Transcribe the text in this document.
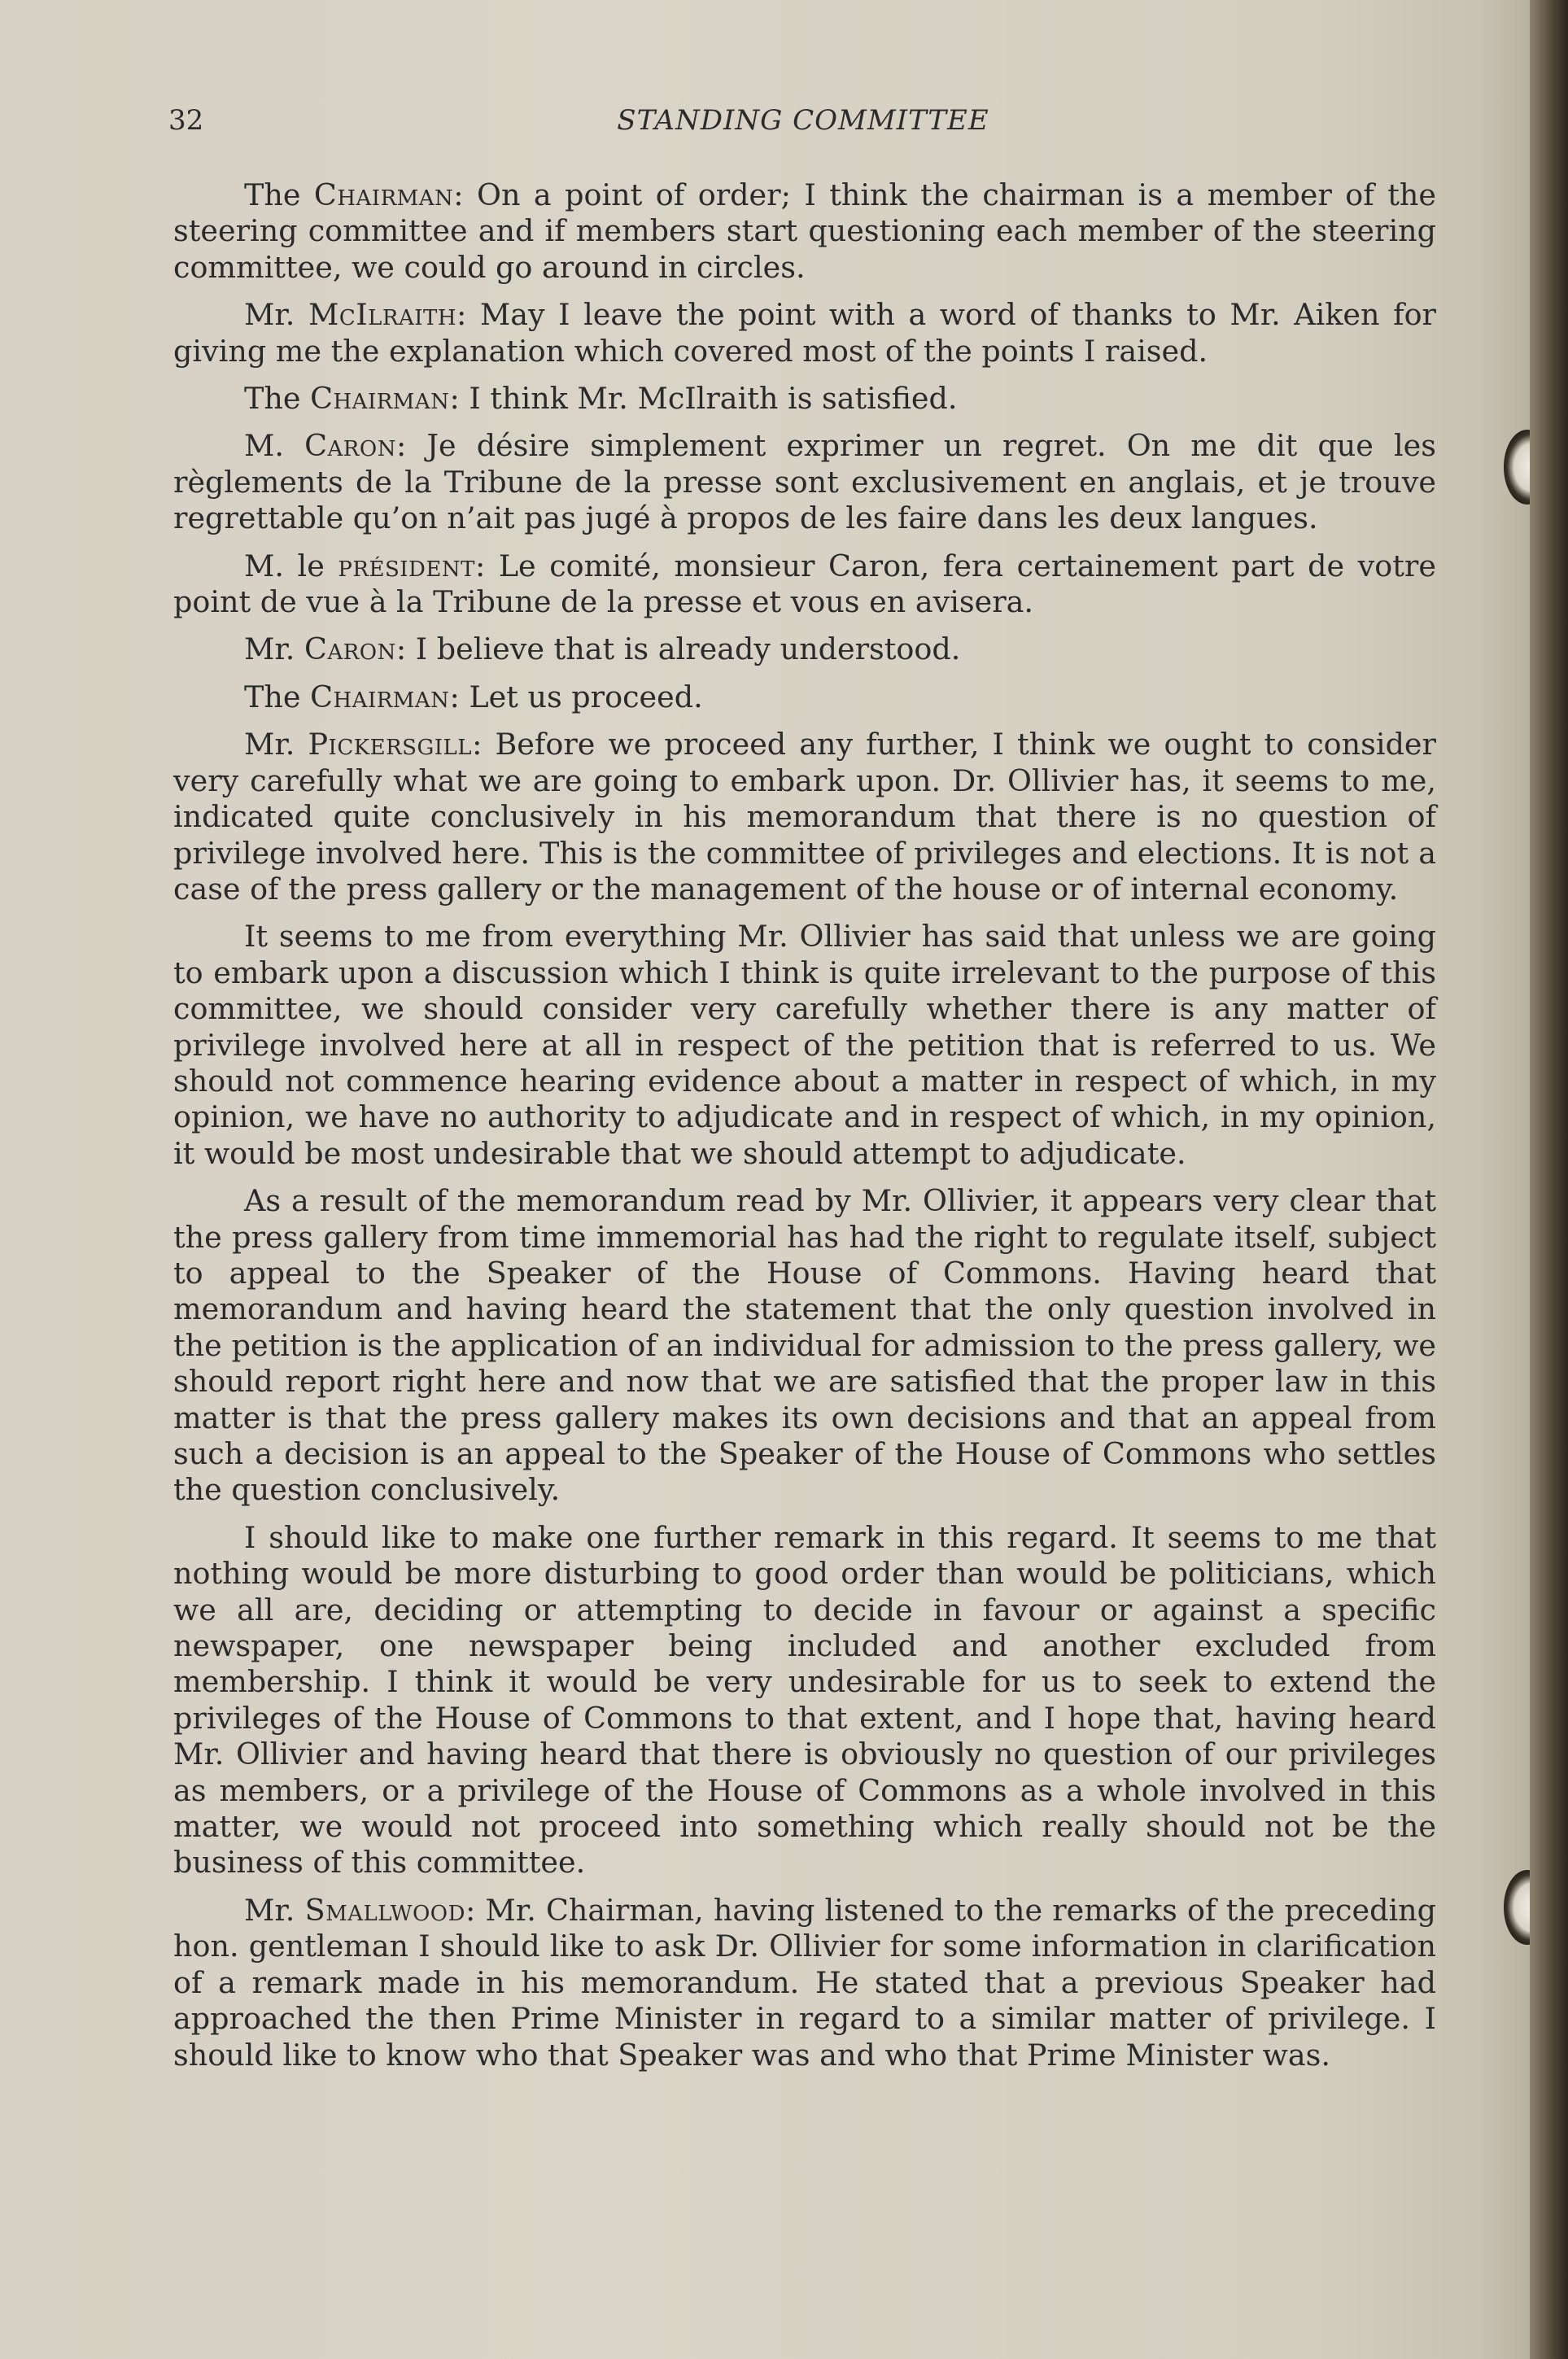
32	STANDING COMMITTEE

The Chairman: On a point of order; I think the chairman is a member of the steering committee and if members start questioning each member of the steering committee, we could go around in circles.

Mr. McIlraith: May I leave the point with a word of thanks to Mr. Aiken for giving me the explanation which covered most of the points I raised.

The Chairman: I think Mr. McIlraith is satisfied.

M. Caron: Je désire simplement exprimer un regret. On me dit que les règlements de la Tribune de la presse sont exclusivement en anglais, et je trouve regrettable qu’on n’ait pas jugé à propos de les faire dans les deux langues.

M. le président: Le comité, monsieur Caron, fera certainement part de votre point de vue à la Tribune de la presse et vous en avisera.

Mr. Caron: I believe that is already understood.

The Chairman: Let us proceed.

Mr. Pickersgill: Before we proceed any further, I think we ought to consider very carefully what we are going to embark upon. Dr. Ollivier has, it seems to me, indicated quite conclusively in his memorandum that there is no question of privilege involved here. This is the committee of privileges and elections. It is not a case of the press gallery or the management of the house or of internal economy.

It seems to me from everything Mr. Ollivier has said that unless we are going to embark upon a discussion which I think is quite irrelevant to the purpose of this committee, we should consider very carefully whether there is any matter of privilege involved here at all in respect of the petition that is referred to us. We should not commence hearing evidence about a matter in respect of which, in my opinion, we have no authority to adjudicate and in respect of which, in my opinion, it would be most undesirable that we should attempt to adjudicate.

As a result of the memorandum read by Mr. Ollivier, it appears very clear that the press gallery from time immemorial has had the right to regulate itself, subject to appeal to the Speaker of the House of Commons. Having heard that memorandum and having heard the statement that the only question involved in the petition is the application of an individual for admission to the press gallery, we should report right here and now that we are satisfied that the proper law in this matter is that the press gallery makes its own decisions and that an appeal from such a decision is an appeal to the Speaker of the House of Commons who settles the question conclusively.

I should like to make one further remark in this regard. It seems to me that nothing would be more disturbing to good order than would be politicians, which we all are, deciding or attempting to decide in favour or against a specific newspaper, one newspaper being included and another excluded from membership. I think it would be very undesirable for us to seek to extend the privileges of the House of Commons to that extent, and I hope that, having heard Mr. Ollivier and having heard that there is obviously no question of our privileges as members, or a privilege of the House of Commons as a whole involved in this matter, we would not proceed into something which really should not be the business of this committee.

Mr. Smallwood: Mr. Chairman, having listened to the remarks of the preceding hon. gentleman I should like to ask Dr. Ollivier for some information in clarification of a remark made in his memorandum. He stated that a previous Speaker had approached the then Prime Minister in regard to a similar matter of privilege. I should like to know who that Speaker was and who that Prime Minister was.
